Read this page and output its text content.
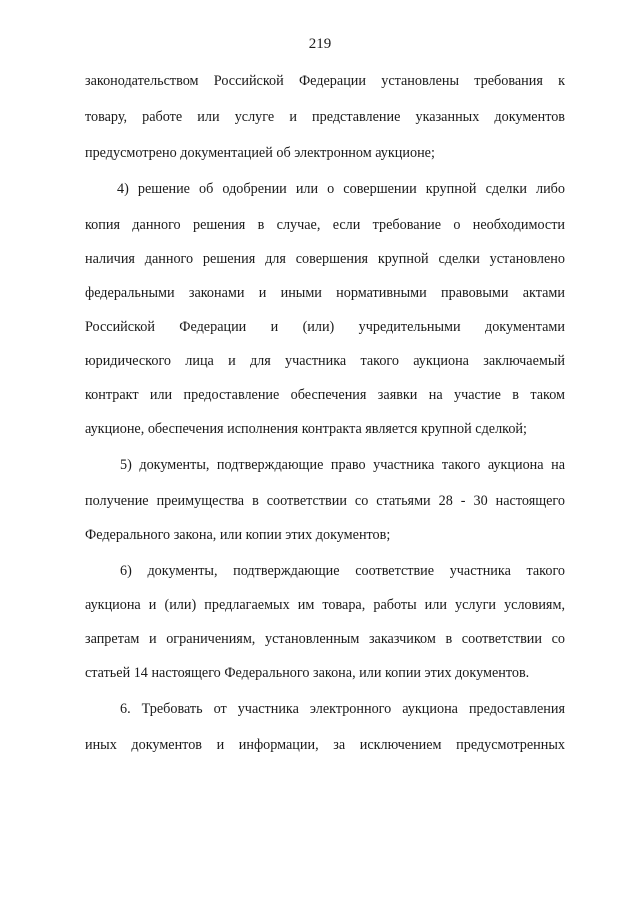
219
законодательством Российской Федерации установлены требования к
товару, работе или услуге и представление указанных документов
предусмотрено документацией об электронном аукционе;
4) решение об одобрении или о совершении крупной сделки либо
копия данного решения в случае, если требование о необходимости
наличия данного решения для совершения крупной сделки установлено
федеральными законами и иными нормативными правовыми актами
Российской Федерации и (или) учредительными документами
юридического лица и для участника такого аукциона заключаемый
контракт или предоставление обеспечения заявки на участие в таком
аукционе, обеспечения исполнения контракта является крупной сделкой;
5) документы, подтверждающие право участника такого аукциона на
получение преимущества в соответствии со статьями 28 - 30 настоящего
Федерального закона, или копии этих документов;
6) документы, подтверждающие соответствие участника такого
аукциона и (или) предлагаемых им товара, работы или услуги условиям,
запретам и ограничениям, установленным заказчиком в соответствии со
статьей 14 настоящего Федерального закона, или копии этих документов.
6. Требовать от участника электронного аукциона предоставления
иных документов и информации, за исключением предусмотренных
